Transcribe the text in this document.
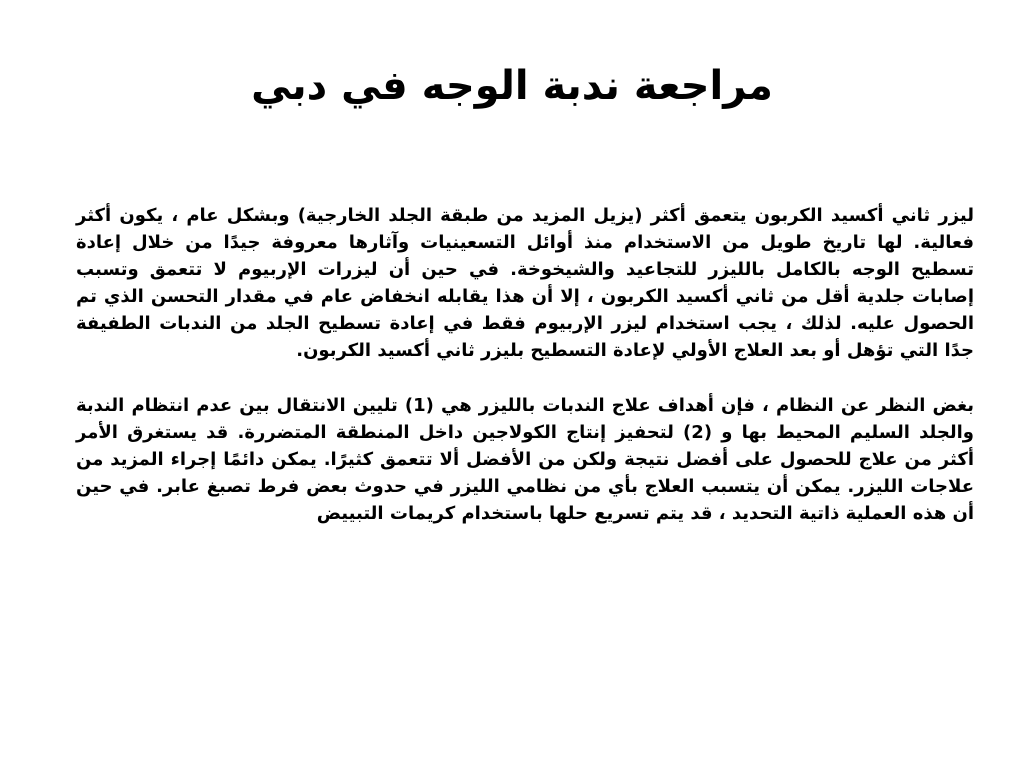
مراجعة ندبة الوجه في دبي

ليزر ثاني أكسيد الكربون يتعمق أكثر (يزيل المزيد من طبقة الجلد الخارجية) وبشكل عام ، يكون أكثر فعالية. لها تاريخ طويل من الاستخدام منذ أوائل التسعينيات وآثارها معروفة جيدًا من خلال إعادة تسطيح الوجه بالكامل بالليزر للتجاعيد والشيخوخة. في حين أن ليزرات الإربيوم لا تتعمق وتسبب إصابات جلدية أقل من ثاني أكسيد الكربون ، إلا أن هذا يقابله انخفاض عام في مقدار التحسن الذي تم الحصول عليه. لذلك ، يجب استخدام ليزر الإربيوم فقط في إعادة تسطيح الجلد من الندبات الطفيفة جدًا التي تؤهل أو بعد العلاج الأولي لإعادة التسطيح بليزر ثاني أكسيد الكربون.

بغض النظر عن النظام ، فإن أهداف علاج الندبات بالليزر هي (1) تليين الانتقال بين عدم انتظام الندبة والجلد السليم المحيط بها و (2) لتحفيز إنتاج الكولاجين داخل المنطقة المتضررة. قد يستغرق الأمر أكثر من علاج للحصول على أفضل نتيجة ولكن من الأفضل ألا تتعمق كثيرًا. يمكن دائمًا إجراء المزيد من علاجات الليزر. يمكن أن يتسبب العلاج بأي من نظامي الليزر في حدوث بعض فرط تصبغ عابر. في حين أن هذه العملية ذاتية التحديد ، قد يتم تسريع حلها باستخدام كريمات التبييض
